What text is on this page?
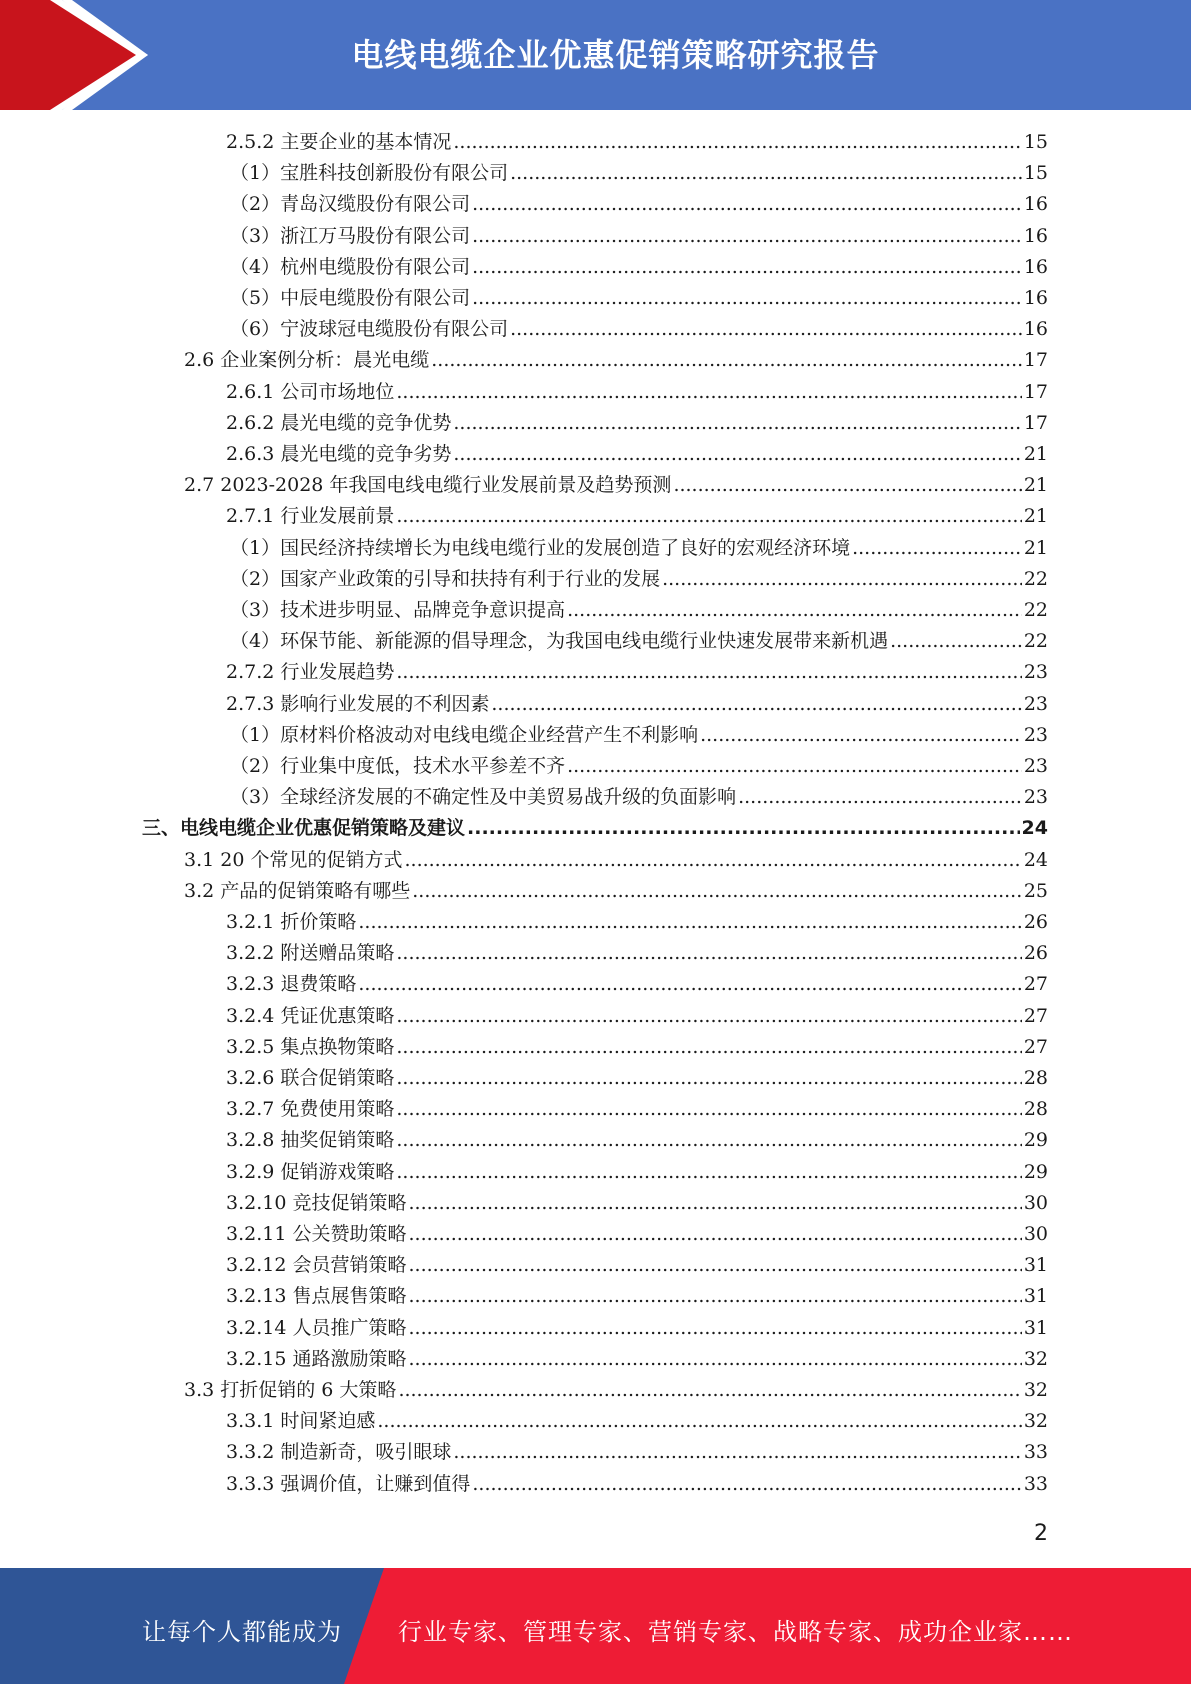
电线电缆企业优惠促销策略研究报告
2.5.2 主要企业的基本情况 .....	15
（1）宝胜科技创新股份有限公司 .....	15
（2）青岛汉缆股份有限公司 .....	16
（3）浙江万马股份有限公司 .....	16
（4）杭州电缆股份有限公司 .....	16
（5）中辰电缆股份有限公司 .....	16
（6）宁波球冠电缆股份有限公司 .....	16
2.6 企业案例分析：晨光电缆 .....	17
2.6.1 公司市场地位 .....	17
2.6.2 晨光电缆的竞争优势 .....	17
2.6.3 晨光电缆的竞争劣势 .....	21
2.7 2023-2028 年我国电线电缆行业发展前景及趋势预测 .....	21
2.7.1 行业发展前景 .....	21
（1）国民经济持续增长为电线电缆行业的发展创造了良好的宏观经济环境 .....	21
（2）国家产业政策的引导和扶持有利于行业的发展 .....	22
（3）技术进步明显、品牌竞争意识提高 .....	22
（4）环保节能、新能源的倡导理念，为我国电线电缆行业快速发展带来新机遇 .....	22
2.7.2 行业发展趋势 .....	23
2.7.3 影响行业发展的不利因素 .....	23
（1）原材料价格波动对电线电缆企业经营产生不利影响 .....	23
（2）行业集中度低，技术水平参差不齐 .....	23
（3）全球经济发展的不确定性及中美贸易战升级的负面影响 .....	23
三、电线电缆企业优惠促销策略及建议 .....	24
3.1 20 个常见的促销方式 .....	24
3.2 产品的促销策略有哪些 .....	25
3.2.1 折价策略 .....	26
3.2.2 附送赠品策略 .....	26
3.2.3 退费策略 .....	27
3.2.4 凭证优惠策略 .....	27
3.2.5 集点换物策略 .....	27
3.2.6 联合促销策略 .....	28
3.2.7 免费使用策略 .....	28
3.2.8 抽奖促销策略 .....	29
3.2.9 促销游戏策略 .....	29
3.2.10 竞技促销策略 .....	30
3.2.11 公关赞助策略 .....	30
3.2.12 会员营销策略 .....	31
3.2.13 售点展售策略 .....	31
3.2.14 人员推广策略 .....	31
3.2.15 通路激励策略 .....	32
3.3 打折促销的 6 大策略 .....	32
3.3.1 时间紧迫感 .....	32
3.3.2 制造新奇，吸引眼球 .....	33
3.3.3 强调价值，让赚到值得 .....	33
2
让每个人都能成为 行业专家、管理专家、营销专家、战略专家、成功企业家……
